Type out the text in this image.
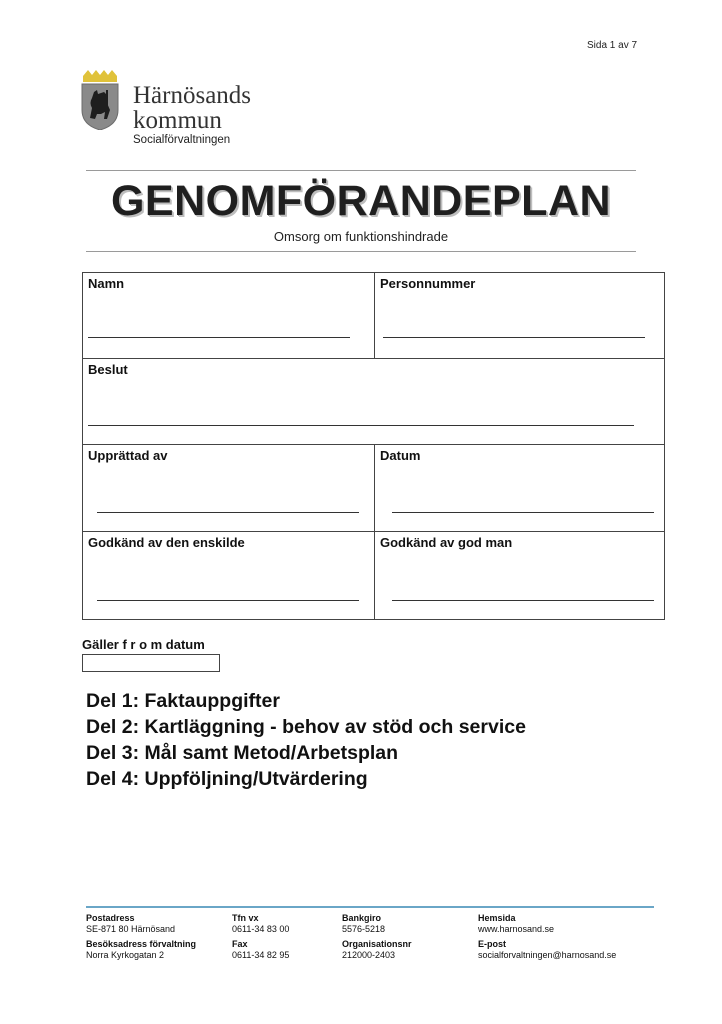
Sida 1 av 7
Härnösands
kommun
Socialförvaltningen
GENOMFÖRANDEPLAN
Omsorg om funktionshindrade
Namn	Personnummer

Beslut	

Upprättad av	Datum

Godkänd av den enskilde	Godkänd av god man
Gäller f r o m datum
Del 1: Faktauppgifter
Del 2: Kartläggning - behov av stöd och service
Del 3: Mål samt Metod/Arbetsplan
Del 4: Uppföljning/Utvärdering
Postadress
SE-871 80 Härnösand
Besöksadress förvaltning
Norra Kyrkogatan 2
Tfn vx
0611-34 83 00
Fax
0611-34 82 95
Bankgiro
5576-5218
Organisationsnr
212000-2403
Hemsida
www.harnosand.se
E-post
socialforvaltningen@harnosand.se
